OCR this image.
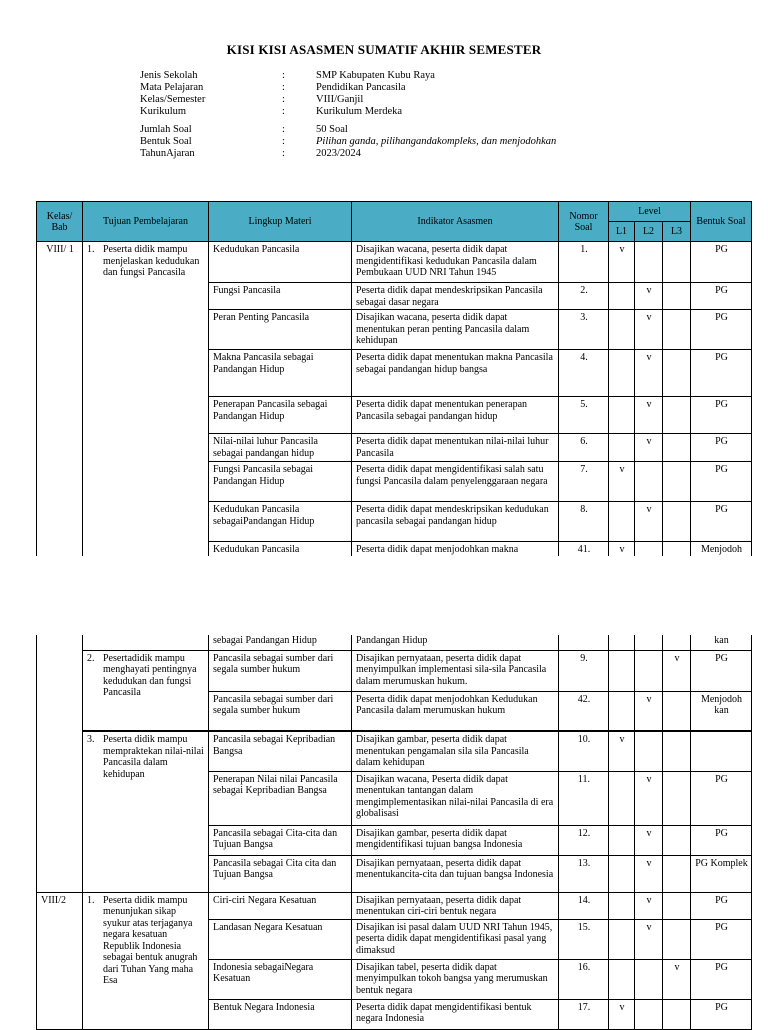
KISI KISI ASASMEN SUMATIF AKHIR SEMESTER
Jenis Sekolah	:	SMP Kabupaten Kubu Raya
Mata Pelajaran	:	Pendidikan Pancasila
Kelas/Semester	:	VIII/Ganjil
Kurikulum	:	Kurikulum Merdeka
Jumlah Soal	:	50 Soal
Bentuk Soal	:	Pilihan ganda, pilihangandakompleks, dan menjodohkan
TahunAjaran	:	2023/2024
Kelas/ Bab	Tujuan Pembelajaran	Lingkup Materi	Indikator Asasmen	Nomor Soal	Level			Bentuk Soal
					L1	L2	L3	
VIII/ 1	1. Peserta didik mampu menjelaskan kedudukan dan fungsi Pancasila	Kedudukan Pancasila	Disajikan wacana, peserta didik dapat mengidentifikasi kedudukan Pancasila dalam Pembukaan UUD NRI Tahun 1945	1.	v			PG
		Fungsi Pancasila	Peserta didik dapat mendeskripsikan Pancasila sebagai dasar negara	2.		v		PG
		Peran Penting Pancasila	Disajikan wacana, peserta didik dapat menentukan peran penting Pancasila dalam kehidupan	3.		v		PG
		Makna Pancasila sebagai Pandangan Hidup	Peserta didik dapat menentukan makna Pancasila sebagai pandangan hidup bangsa	4.		v		PG
		Penerapan Pancasila sebagai Pandangan Hidup	Peserta didik dapat menentukan penerapan Pancasila sebagai pandangan hidup	5.		v		PG
		Nilai-nilai luhur Pancasila sebagai pandangan hidup	Peserta didik dapat menentukan nilai-nilai luhur Pancasila	6.		v		PG
		Fungsi Pancasila sebagai Pandangan Hidup	Peserta didik dapat mengidentifikasi salah satu fungsi Pancasila dalam penyelenggaraan negara	7.	v			PG
		Kedudukan Pancasila sebagaiPandangan Hidup	Peserta didik dapat mendeskripsikan kedudukan pancasila sebagai pandangan hidup	8.		v		PG
		Kedudukan Pancasila	Peserta didik dapat menjodohkan makna	41.	v			Menjodoh
		sebagai Pandangan Hidup	Pandangan Hidup					kan

	2. Pesertadidik mampu menghayati pentingnya kedudukan dan fungsi Pancasila	Pancasila sebagai sumber dari segala sumber hukum	Disajikan pernyataan, peserta didik dapat menyimpulkan implementasi sila-sila Pancasila dalam merumuskan hukum.	9.			v	PG
		Pancasila sebagai sumber dari segala sumber hukum	Peserta didik dapat menjodohkan Kedudukan Pancasila dalam merumuskan hukum	42.		v		Menjodoh kan

	3. Peserta didik mampu mempraktekan nilai-nilai Pancasila dalam kehidupan	Pancasila sebagai Kepribadian Bangsa	Disajikan gambar, peserta didik dapat menentukan pengamalan sila sila Pancasila dalam kehidupan	10.	v			
		Penerapan Nilai nilai Pancasila sebagai Kepribadian Bangsa	Disajikan wacana, Peserta didik dapat menentukan tantangan dalam mengimplementasikan nilai-nilai Pancasila di era globalisasi	11.		v		PG
		Pancasila sebagai Cita-cita dan Tujuan Bangsa	Disajikan gambar, peserta didik dapat mengidentifikasi tujuan bangsa Indonesia	12.		v		PG
		Pancasila sebagai Cita cita dan Tujuan Bangsa	Disajikan pernyataan, peserta didik dapat menentukancita-cita dan tujuan bangsa Indonesia	13.		v		PG Komplek
VIII/2	1. Peserta didik mampu menunjukan sikap syukur atas terjaganya negara kesatuan Republik Indonesia sebagai bentuk anugrah dari Tuhan Yang maha Esa	Ciri-ciri Negara Kesatuan	Disajikan pernyataan, peserta didik dapat menentukan ciri-ciri bentuk negara	14.		v		PG
		Landasan Negara Kesatuan	Disajikan isi pasal dalam UUD NRI Tahun 1945, peserta didik dapat mengidentifikasi pasal yang dimaksud	15.		v		PG
		Indonesia sebagaiNegara Kesatuan	Disajikan tabel, peserta didik dapat menyimpulkan tokoh bangsa yang merumuskan bentuk negara	16.			v	PG
		Bentuk Negara Indonesia	Peserta didik dapat mengidentifikasi bentuk negara Indonesia	17.	v			PG
